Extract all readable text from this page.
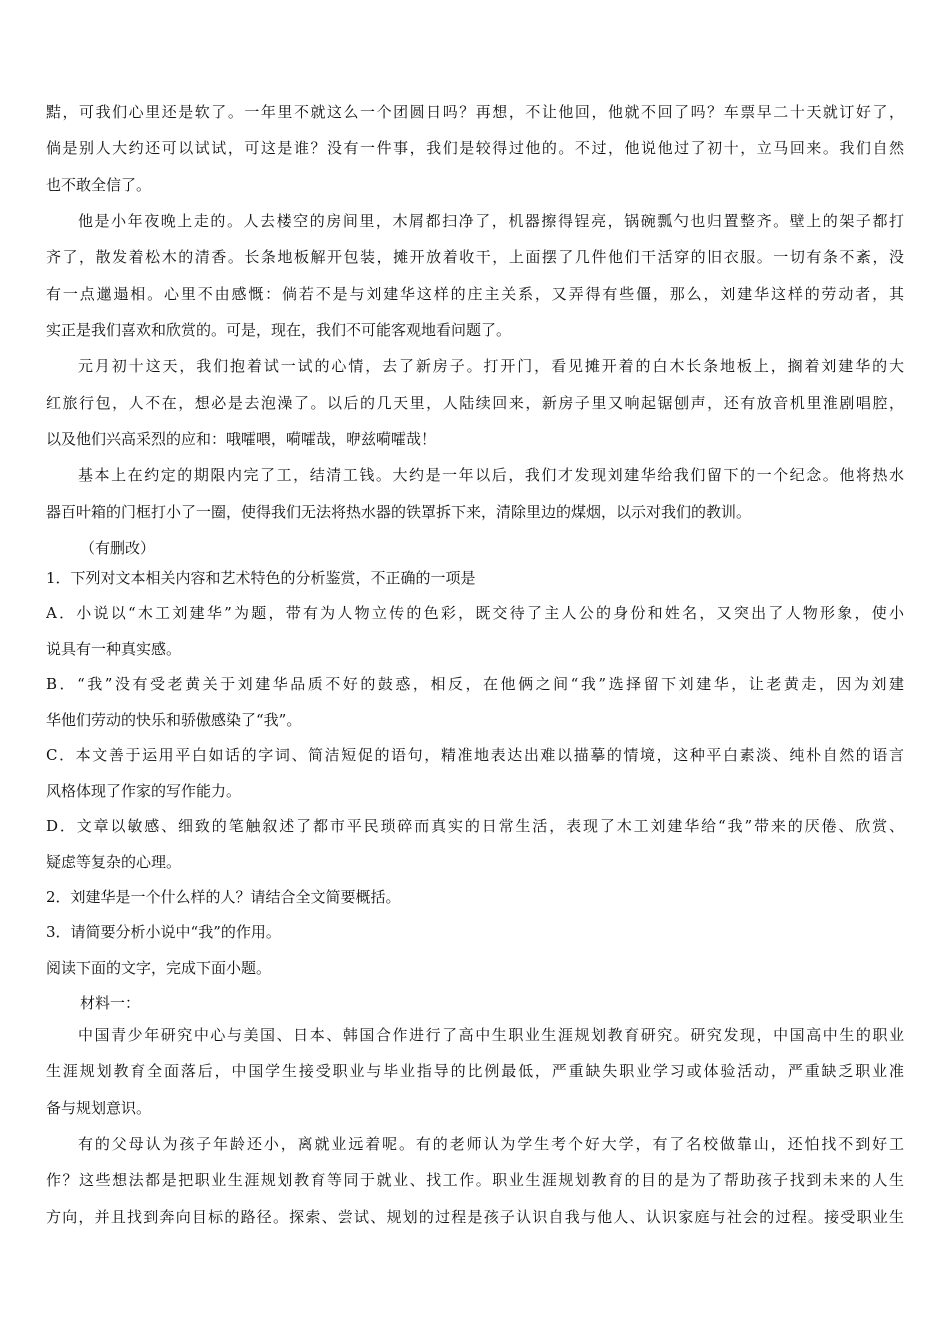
黠，可我们心里还是软了。一年里不就这么一个团圆日吗？再想，不让他回，他就不回了吗？车票早二十天就订好了，
倘是别人大约还可以试试，可这是谁？没有一件事，我们是较得过他的。不过，他说他过了初十，立马回来。我们自然
也不敢全信了。
他是小年夜晚上走的。人去楼空的房间里，木屑都扫净了，机器擦得锃亮，锅碗瓢勺也归置整齐。壁上的架子都打
齐了，散发着松木的清香。长条地板解开包装，摊开放着收干，上面摆了几件他们干活穿的旧衣服。一切有条不紊，没
有一点邋遢相。心里不由感慨：倘若不是与刘建华这样的庄主关系，又弄得有些僵，那么，刘建华这样的劳动者，其
实正是我们喜欢和欣赏的。可是，现在，我们不可能客观地看问题了。
元月初十这天，我们抱着试一试的心情，去了新房子。打开门，看见摊开着的白木长条地板上，搁着刘建华的大
红旅行包，人不在，想必是去泡澡了。以后的几天里，人陆续回来，新房子里又响起锯刨声，还有放音机里淮剧唱腔，
以及他们兴高采烈的应和：哦嚯喂，嗬嚯哉，咿兹嗬嚯哉！
基本上在约定的期限内完了工，结清工钱。大约是一年以后，我们才发现刘建华给我们留下的一个纪念。他将热水
器百叶箱的门框打小了一圈，使得我们无法将热水器的铁罩拆下来，清除里边的煤烟，以示对我们的教训。
（有删改）
1．下列对文本相关内容和艺术特色的分析鉴赏，不正确的一项是
A．小说以“木工刘建华”为题，带有为人物立传的色彩，既交待了主人公的身份和姓名，又突出了人物形象，使小
说具有一种真实感。
B．“我”没有受老黄关于刘建华品质不好的鼓惑，相反，在他俩之间“我”选择留下刘建华，让老黄走，因为刘建
华他们劳动的快乐和骄傲感染了“我”。
C．本文善于运用平白如话的字词、简洁短促的语句，精准地表达出难以描摹的情境，这种平白素淡、纯朴自然的语言
风格体现了作家的写作能力。
D．文章以敏感、细致的笔触叙述了都市平民琐碎而真实的日常生活，表现了木工刘建华给“我”带来的厌倦、欣赏、
疑虑等复杂的心理。
2．刘建华是一个什么样的人？请结合全文简要概括。
3．请简要分析小说中“我”的作用。
阅读下面的文字，完成下面小题。
材料一：
中国青少年研究中心与美国、日本、韩国合作进行了高中生职业生涯规划教育研究。研究发现，中国高中生的职业
生涯规划教育全面落后，中国学生接受职业与毕业指导的比例最低，严重缺失职业学习或体验活动，严重缺乏职业准
备与规划意识。
有的父母认为孩子年龄还小，离就业远着呢。有的老师认为学生考个好大学，有了名校做靠山，还怕找不到好工
作？这些想法都是把职业生涯规划教育等同于就业、找工作。职业生涯规划教育的目的是为了帮助孩子找到未来的人生
方向，并且找到奔向目标的路径。探索、尝试、规划的过程是孩子认识自我与他人、认识家庭与社会的过程。接受职业生
